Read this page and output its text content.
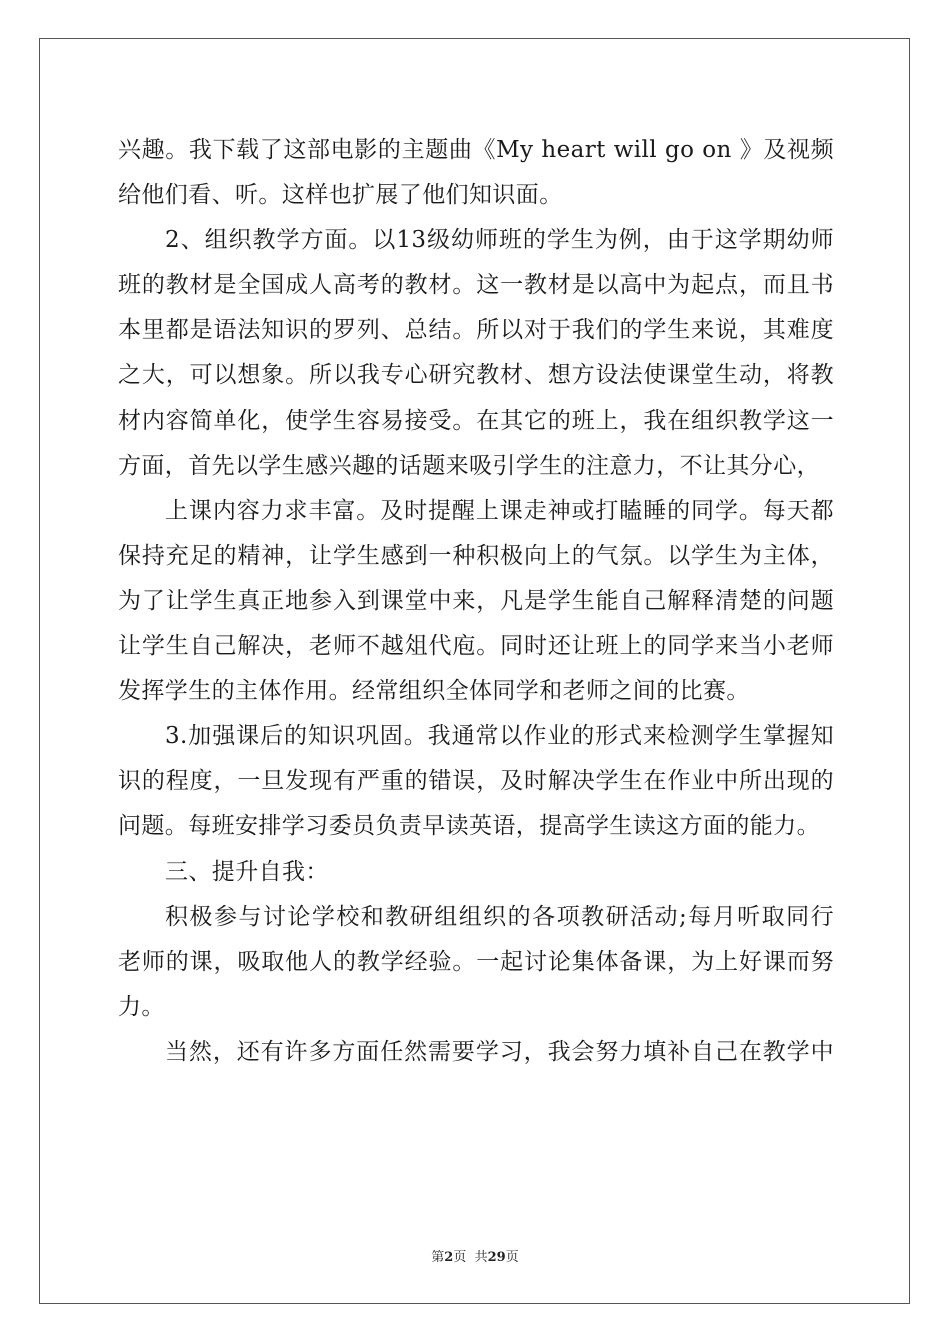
兴趣。我下载了这部电影的主题曲《My heart will go on 》及视频
给他们看、听。这样也扩展了他们知识面。
2、组织教学方面。以13级幼师班的学生为例，由于这学期幼师
班的教材是全国成人高考的教材。这一教材是以高中为起点，而且书
本里都是语法知识的罗列、总结。所以对于我们的学生来说，其难度
之大，可以想象。所以我专心研究教材、想方设法使课堂生动，将教
材内容简单化，使学生容易接受。在其它的班上，我在组织教学这一
方面，首先以学生感兴趣的话题来吸引学生的注意力，不让其分心，
上课内容力求丰富。及时提醒上课走神或打瞌睡的同学。每天都
保持充足的精神，让学生感到一种积极向上的气氛。以学生为主体，
为了让学生真正地参入到课堂中来，凡是学生能自己解释清楚的问题
让学生自己解决，老师不越俎代庖。同时还让班上的同学来当小老师
发挥学生的主体作用。经常组织全体同学和老师之间的比赛。
3.加强课后的知识巩固。我通常以作业的形式来检测学生掌握知
识的程度，一旦发现有严重的错误，及时解决学生在作业中所出现的
问题。每班安排学习委员负责早读英语，提高学生读这方面的能力。
三、提升自我：
积极参与讨论学校和教研组组织的各项教研活动;每月听取同行
老师的课，吸取他人的教学经验。一起讨论集体备课，为上好课而努
力。
当然，还有许多方面任然需要学习，我会努力填补自己在教学中
第2页  共29页
